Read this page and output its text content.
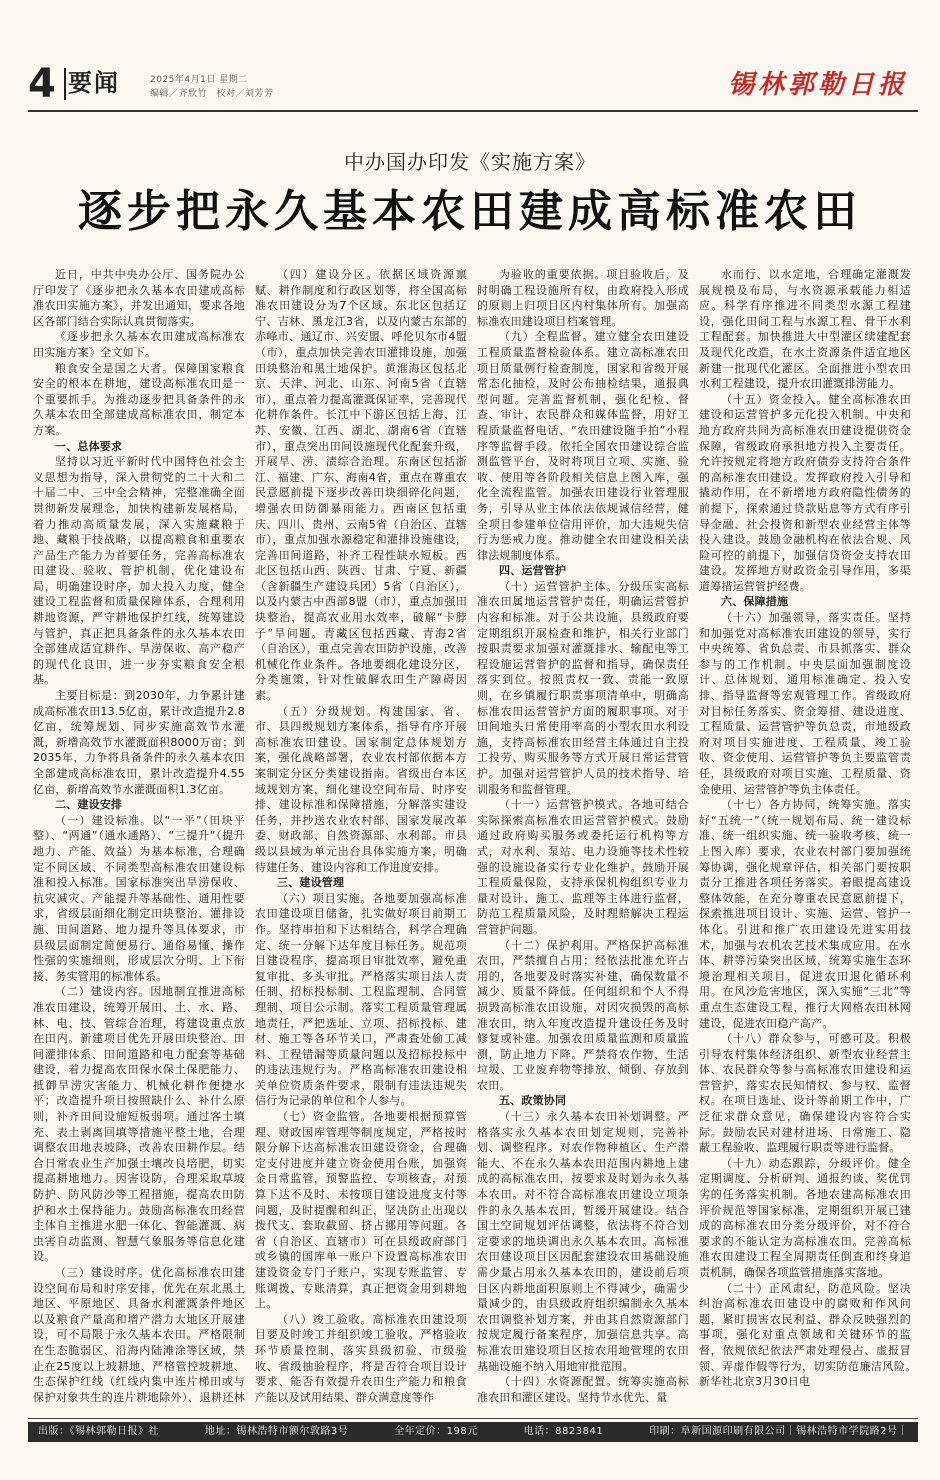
4 要闻	2025年4月1日 星期二
编辑／齐欣竹　校对／刘芳芳	锡林郭勒日报
中办国办印发《实施方案》
逐步把永久基本农田建成高标准农田

近日，中共中央办公厅、国务院办公厅印发了《逐步把永久基本农田建成高标准农田实施方案》，并发出通知，要求各地区各部门结合实际认真贯彻落实。

《逐步把永久基本农田建成高标准农田实施方案》全文如下。

粮食安全是国之大者。保障国家粮食安全的根本在耕地，建设高标准农田是一个重要抓手。为推动逐步把具备条件的永久基本农田全部建成高标准农田，制定本方案。

一、总体要求

坚持以习近平新时代中国特色社会主义思想为指导，深入贯彻党的二十大和二十届二中、三中全会精神，完整准确全面贯彻新发展理念，加快构建新发展格局，着力推动高质量发展，深入实施藏粮于地、藏粮于技战略，以提高粮食和重要农产品生产能力为首要任务，完善高标准农田建设、验收、管护机制，优化建设布局，明确建设时序，加大投入力度，健全建设工程监督和质量保障体系，合理利用耕地资源，严守耕地保护红线，统筹建设与管护，真正把具备条件的永久基本农田全部建成适宜耕作、旱涝保收、高产稳产的现代化良田，进一步夯实粮食安全根基。

主要目标是：到2030年，力争累计建成高标准农田13.5亿亩，累计改造提升2.8亿亩，统筹规划、同步实施高效节水灌溉，新增高效节水灌溉面积8000万亩；到2035年，力争将具备条件的永久基本农田全部建成高标准农田，累计改造提升4.55亿亩，新增高效节水灌溉面积1.3亿亩。

二、建设安排

（一）建设标准。以“一平”（田块平整）、“两通”（通水通路）、“三提升”（提升地力、产能、效益）为基本标准，合理确定不同区域、不同类型高标准农田建设标准和投入标准。国家标准突出旱涝保收、抗灾减灾、产能提升等基础性、通用性要求，省级层面细化制定田块整治、灌排设施、田间道路、地力提升等具体要求，市县级层面制定简便易行、通俗易懂、操作性强的实施细则，形成层次分明、上下衔接、务实管用的标准体系。

（二）建设内容。因地制宜推进高标准农田建设，统筹开展田、土、水、路、林、电、技、管综合治理，将建设重点放在田内。新建项目优先开展田块整治、田间灌排体系、田间道路和电力配套等基础建设，着力提高农田保水保土保肥能力、抵御旱涝灾害能力、机械化耕作便捷水平；改造提升项目按照缺什么、补什么原则，补齐田间设施短板弱项。通过客土填充、表土剥离回填等措施平整土地，合理调整农田地表坡降，改善农田耕作层。结合日常农业生产加强土壤改良培肥，切实提高耕地地力。因害设防，合理采取草坡防护、防风防沙等工程措施，提高农田防护和水土保持能力。鼓励高标准农田经营主体自主推进水肥一体化、智能灌溉、病虫害自动监测、智慧气象服务等信息化建设。

（三）建设时序。优化高标准农田建设空间布局和时序安排，优先在东北黑土地区、平原地区、具备水利灌溉条件地区以及粮食产量高和增产潜力大地区开展建设，可不局限于永久基本农田。严格限制在生态脆弱区、沿海内陆滩涂等区域，禁止在25度以上坡耕地、严格管控坡耕地、生态保护红线（红线内集中连片梯田或与保护对象共生的连片耕地除外）、退耕还林

（四）建设分区。依据区域资源禀赋、耕作制度和行政区划等，将全国高标准农田建设分为7个区域。东北区包括辽宁、吉林、黑龙江3省，以及内蒙古东部的赤峰市、通辽市、兴安盟、呼伦贝尔市4盟（市），重点加快完善农田灌排设施，加强田块整治和黑土地保护。黄淮海区包括北京、天津、河北、山东、河南5省（直辖市），重点着力提高灌溉保证率，完善现代化耕作条件。长江中下游区包括上海、江苏、安徽、江西、湖北、湖南6省（直辖市），重点突出田间设施现代化配套升级，开展旱、涝、渍综合治理。东南区包括浙江、福建、广东、海南4省，重点在尊重农民意愿前提下逐步改善田块细碎化问题，增强农田防御暴雨能力。西南区包括重庆、四川、贵州、云南5省（自治区、直辖市），重点加强水源稳定和灌排设施建设，完善田间道路，补齐工程性缺水短板。西北区包括山西、陕西、甘肃、宁夏、新疆（含新疆生产建设兵团）5省（自治区），以及内蒙古中西部8盟（市），重点加强田块整治，提高农业用水效率，破解“卡脖子”旱问题。青藏区包括西藏、青海2省（自治区），重点完善农田防护设施，改善机械化作业条件。各地要细化建设分区，分类施策，针对性破解农田生产障碍因素。

（五）分级规划。构建国家、省、市、县四级规划方案体系，指导有序开展高标准农田建设。国家制定总体规划方案，强化战略部署，农业农村部依据本方案制定分区分类建设指南。省级出台本区域规划方案，细化建设空间布局、时序安排、建设标准和保障措施，分解落实建设任务，并抄送农业农村部、国家发展改革委、财政部、自然资源部、水利部。市县级以县域为单元出台具体实施方案，明确待建任务、建设内容和工作进度安排。

三、建设管理

（六）项目实施。各地要加强高标准农田建设项目储备，扎实做好项目前期工作。坚持串拍和下达相结合，科学合理确定、统一分解下达年度目标任务。规范项目建设程序，提高项目审批效率，避免重复审批、多头审批。严格落实项目法人责任制、招标投标制、工程监理制、合同管理制、项目公示制。落实工程质量管理属地责任，严把选址、立项、招标投标、建材、施工等各环节关口，严肃查处偷工减料、工程错漏等质量问题以及招标投标中的违法违规行为。严格高标准农田建设相关单位资质条件要求，限制有违法违规失信行为记录的单位和个人参与。

（七）资金监管。各地要根据预算管理、财政国库管理等制度规定，严格按时限分解下达高标准农田建设资金，合理确定支付进度并建立资金使用台账，加强资金日常监管，预警监控、专项核查，对预算下达不及时、未按项目建设进度支付等问题，及时提醒和纠正，坚决防止出现以拨代支、套取截留、挤占挪用等问题。各省（自治区、直辖市）可在县级政府部门或乡镇的国库单一账户下设置高标准农田建设资金专门子账户，实现专账监管、专账调拨、专账清算，真正把资金用到耕地上。

（八）竣工验收。高标准农田建设项目要及时竣工并组织竣工验收。严格验收环节质量控制，落实县级初验、市级验收、省级抽验程序，将是否符合项目设计要求、能否有效提升农田生产能力和粮食产能以及试用结果、群众满意度等作

为验收的重要依据。项目验收后，及时明确工程设施所有权，由政府投入形成的原则上归项目区内村集体所有。加强高标准农田建设项目档案管理。

（九）全程监督。建立健全农田建设工程质量监督检验体系。建立高标准农田项目质量例行检查制度，国家和省级开展常态化抽检，及时公布抽检结果，通报典型问题。完善监督机制，强化纪检、督查、审计、农民群众和媒体监督，用好工程质量监督电话、“农田建设随手拍”小程序等监督手段。依托全国农田建设综合监测监管平台，及时将项目立项、实施、验收、使用等各阶段相关信息上图入库，强化全流程监管。加强农田建设行业管理服务，引导从业主体依法依规诚信经营，健全项目参建单位信用评价，加大违规失信行为惩戒力度。推动健全农田建设相关法律法规制度体系。

四、运营管护

（十）运营管护主体。分级压实高标准农田属地运营管护责任，明确运营管护内容和标准。对于公共设施，县级政府要定期组织开展检查和维护，相关行业部门按职责要求加强对灌溉排水、输配电等工程设施运营管护的监督和指导，确保责任落实到位。按照责权一致、责能一致原则，在乡镇履行职责事项清单中，明确高标准农田运营管护方面的履职事项。对于田间地头日常使用率高的小型农田水利设施，支持高标准农田经营主体通过自主投工投劳、购买服务等方式开展日常运营管护。加强对运营管护人员的技术指导、培训服务和监督管理。

（十一）运营管护模式。各地可结合实际探索高标准农田运营管护模式。鼓励通过政府购买服务或委托运行机构等方式，对水利、泵站、电力设施等技术性较强的设施设备实行专业化维护。鼓励开展工程质量保险，支持承保机构组织专业力量对设计、施工、监理等主体进行监督，防范工程质量风险，及时理赔解决工程运营管护问题。

（十二）保护利用。严格保护高标准农田，严禁擅自占用；经依法批准允许占用的，各地要及时落实补建，确保数量不减少、质量不降低。任何组织和个人不得损毁高标准农田设施，对因灾损毁的高标准农田，纳入年度改造提升建设任务及时修复或补建。加强农田质量监测和质量监测，防止地力下降。严禁将农作物、生活垃圾、工业废弃物等排放、倾倒、存放到农田。

五、政策协同

（十三）永久基本农田补划调整。严格落实永久基本农田划定规则，完善补划、调整程序。对农作物种植区、生产潜能大、不在永久基本农田范围内耕地上建成的高标准农田，按要求及时划为永久基本农田。对不符合高标准农田建设立项条件的永久基本农田，暂缓开展建设。结合国土空间规划评估调整，依法将不符合划定要求的地块调出永久基本农田。高标准农田建设项目区因配套建设农田基础设施需少量占用永久基本农田的，建设前后项目区内耕地面积原则上不得减少，确需少量减少的，由县级政府组织编制永久基本农田调整补划方案，并由其自然资源部门按规定履行备案程序，加强信息共享。高标准农田建设项目区按农用地管理的农田基础设施不纳入用地审批范围。

（十四）水资源配置。统筹实施高标准农田和灌区建设。坚持节水优先、量

水而行、以水定地，合理确定灌溉发展规模及布局，与水资源承载能力相适应。科学有序推进不同类型水源工程建设，强化田间工程与水源工程、骨干水利工程配套。加快推进大中型灌区续建配套及现代化改造，在水土资源条件适宜地区新建一批现代化灌区。全面推进小型农田水利工程建设，提升农田灌溉排涝能力。

（十五）资金投入。健全高标准农田建设和运营管护多元化投入机制。中央和地方政府共同为高标准农田建设提供资金保障，省级政府承担地方投入主要责任。允许按规定将地方政府债券支持符合条件的高标准农田建设。发挥政府投入引导和撬动作用，在不新增地方政府隐性债务的前提下，探索通过贷款贴息等方式有序引导金融、社会投资和新型农业经营主体等投入建设。鼓励金融机构在依法合规、风险可控的前提下，加强信贷资金支持农田建设。发挥地方财政资金引导作用，多渠道筹措运营管护经费。

六、保障措施

（十六）加强领导，落实责任。坚持和加强党对高标准农田建设的领导，实行中央统筹、省负总责、市县抓落实、群众参与的工作机制。中央层面加强制度设计、总体规划、通用标准确定、投入安排、指导监督等宏观管理工作。省级政府对目标任务落实、资金筹措、建设进度、工程质量、运营管护等负总责，市地级政府对项目实施进度、工程质量、竣工验收、资金使用、运营管护等负主要监管责任，县级政府对项目实施、工程质量、资金使用、运营管护等负主体责任。

（十七）各方协同，统筹实施。落实好“五统一”（统一规划布局、统一建设标准、统一组织实施、统一验收考核、统一上图入库）要求，农业农村部门要加强统筹协调，强化规章评估，相关部门要按职责分工推进各项任务落实。着眼提高建设整体效能，在充分尊重农民意愿前提下，探索推进项目设计、实施、运营、管护一体化。引进和推广农田建设先进实用技术，加强与农机农艺技术集成应用。在水体、耕等污染突出区域，统筹实施生态环境治理相关项目，促进农田退化循环利用。在风沙危害地区，深入实施“三北”等重点生态建设工程，推行大网格农田林网建设，促进农田稳产高产。

（十八）群众参与，可感可及。积极引导农村集体经济组织、新型农业经营主体、农民群众等参与高标准农田建设和运营管护，落实农民知情权、参与权、监督权。在项目选址、设计等前期工作中，广泛征求群众意见，确保建设内容符合实际。鼓励农民对建材进场、日常施工、隐蔽工程验收、监理履行职责等进行监督。

（十九）动态跟踪，分级评价。健全定期调度、分析研判、通报约谈、奖优罚劣的任务落实机制。各地农建高标准农田评价规范等国家标准，定期组织开展已建成的高标准农田分类分级评价，对不符合要求的不能认定为高标准农田。完善高标准农田建设工程全周期责任倒查和终身追责机制，确保各项监管措施落实落地。

（二十）正风肃纪，防范风险。坚决纠治高标准农田建设中的腐败和作风问题，紧盯损害农民利益、群众反映强烈的事项，强化对重点领域和关键环节的监督，依规依纪依法严肃处理侵占、虚报冒领、弄虚作假等行为，切实防范廉洁风险。　　　新华社北京3月30日电

出版：《锡林郭勒日报》社	地址：锡林浩特市额尔敦路3号	全年定价：198元	电话：8823841	印刷：阜新国源印刷有限公司｜锡林浩特市学院路2号｜
